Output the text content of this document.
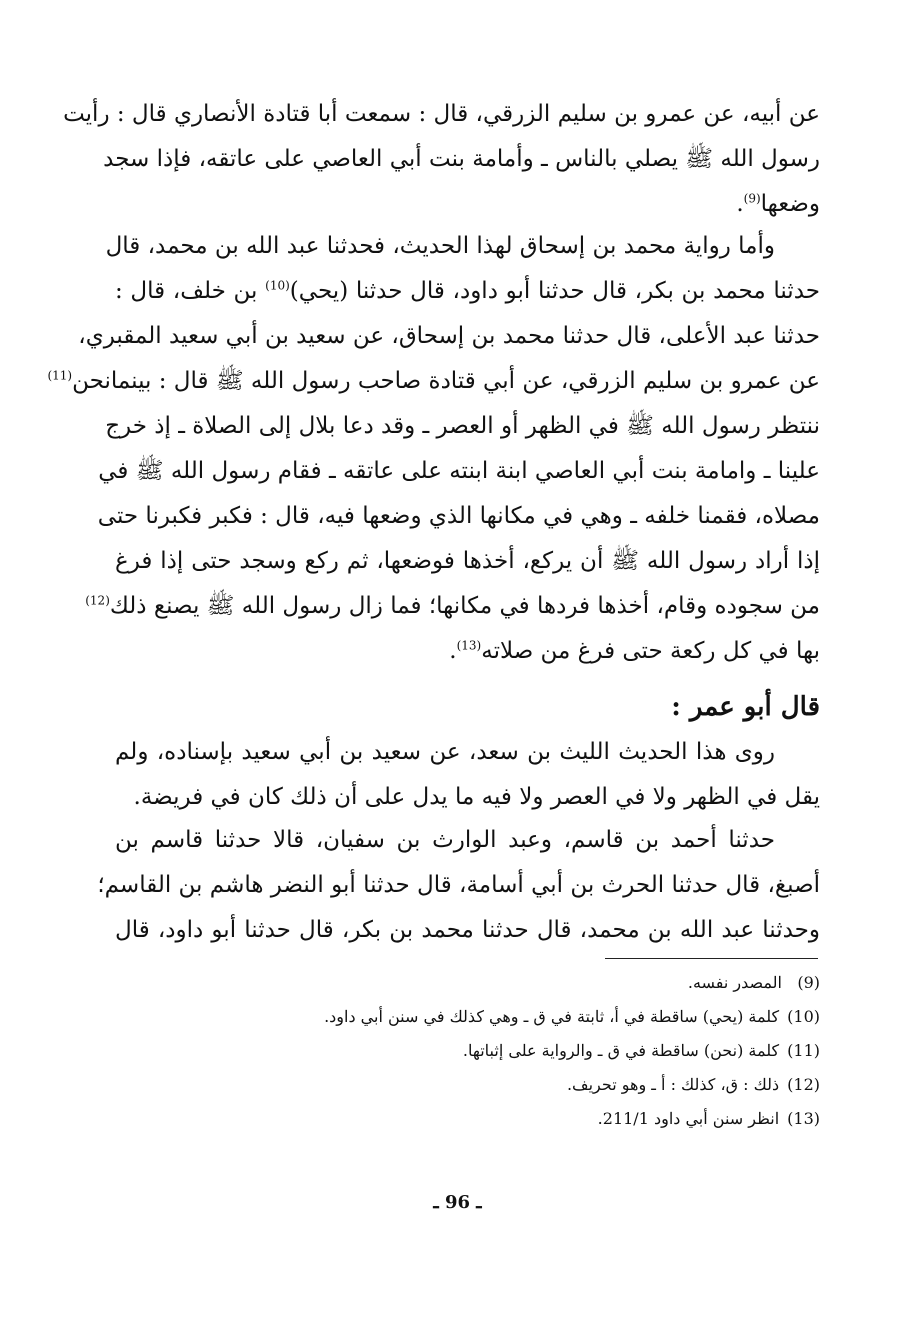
عن أبيه، عن عمرو بن سليم الزرقي، قال : سمعت أبا قتادة الأنصاري قال : رأيت
رسول الله ﷺ يصلي بالناس ـ وأمامة بنت أبي العاصي على عاتقه، فإذا سجد
وضعها$^{(9)}$.
وأما رواية محمد بن إسحاق لهذا الحديث، فحدثنا عبد الله بن محمد، قال
حدثنا محمد بن بكر، قال حدثنا أبو داود، قال حدثنا (يحي)$^{(10)}$ بن خلف، قال :
حدثنا عبد الأعلى، قال حدثنا محمد بن إسحاق، عن سعيد بن أبي سعيد المقبري،
عن عمرو بن سليم الزرقي، عن أبي قتادة صاحب رسول الله ﷺ قال : بينمانحن$^{(11)}$
ننتظر رسول الله ﷺ في الظهر أو العصر ـ وقد دعا بلال إلى الصلاة ـ إذ خرج
علينا ـ وامامة بنت أبي العاصي ابنة ابنته على عاتقه ـ فقام رسول الله ﷺ في
مصلاه، فقمنا خلفه ـ وهي في مكانها الذي وضعها فيه، قال : فكبر فكبرنا حتى
إذا أراد رسول الله ﷺ أن يركع، أخذها فوضعها، ثم ركع وسجد حتى إذا فرغ
من سجوده وقام، أخذها فردها في مكانها؛ فما زال رسول الله ﷺ يصنع ذلك$^{(12)}$
بها في كل ركعة حتى فرغ من صلاته$^{(13)}$.
قال أبو عمر :
روى هذا الحديث الليث بن سعد، عن سعيد بن أبي سعيد بإسناده، ولم
يقل في الظهر ولا في العصر ولا فيه ما يدل على أن ذلك كان في فريضة.
حدثنا أحمد بن قاسم، وعبد الوارث بن سفيان، قالا حدثنا قاسم بن
أصبغ، قال حدثنا الحرث بن أبي أسامة، قال حدثنا أبو النضر هاشم بن القاسم؛
وحدثنا عبد الله بن محمد، قال حدثنا محمد بن بكر، قال حدثنا أبو داود، قال
(9)المصدر نفسه.
(10)كلمة (يحي) ساقطة في أ، ثابتة في ق ـ وهي كذلك في سنن أبي داود.
(11)كلمة (نحن) ساقطة في ق ـ والرواية على إثباتها.
(12)ذلك : ق، كذلك : أ ـ وهو تحريف.
(13)انظر سنن أبي داود 211/1.
ـ 96 ـ
